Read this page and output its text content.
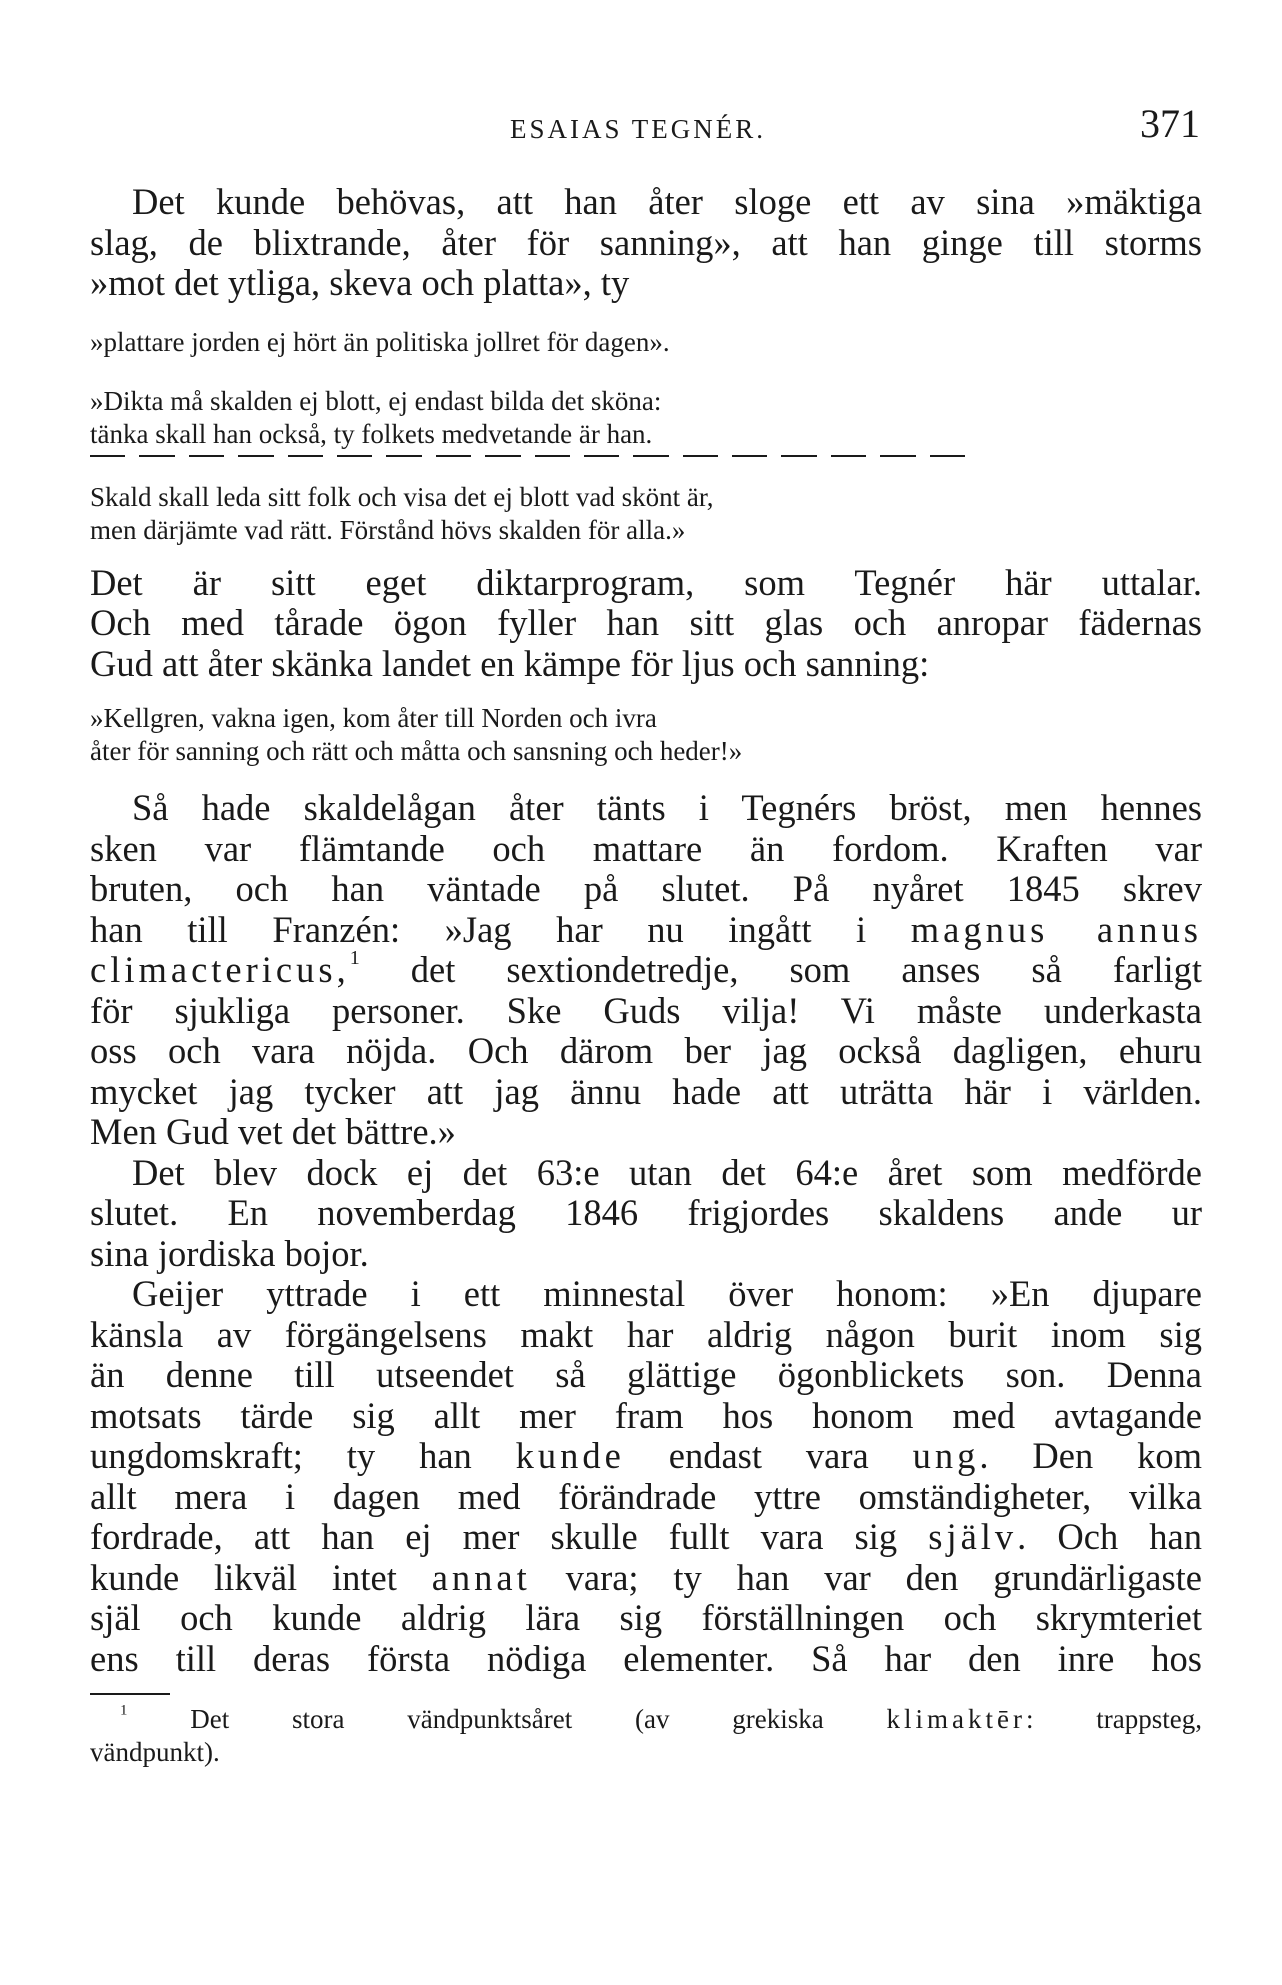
ESAIAS TEGNÉR.	371

Det kunde behövas, att han åter sloge ett av sina »mäktiga
slag, de blixtrande, åter för sanning», att han ginge till storms
»mot det ytliga, skeva och platta», ty

»plattare jorden ej hört än politiska jollret för dagen».

»Dikta må skalden ej blott, ej endast bilda det sköna:
tänka skall han också, ty folkets medvetande är han.

Skald skall leda sitt folk och visa det ej blott vad skönt är,
men därjämte vad rätt. Förstånd hövs skalden för alla.»

Det är sitt eget diktarprogram, som Tegnér här uttalar.
Och med tårade ögon fyller han sitt glas och anropar fädernas
Gud att åter skänka landet en kämpe för ljus och sanning:

»Kellgren, vakna igen, kom åter till Norden och ivra
åter för sanning och rätt och måtta och sansning och heder!»

Så hade skaldelågan åter tänts i Tegnérs bröst, men hennes
sken var flämtande och mattare än fordom. Kraften var
bruten, och han väntade på slutet. På nyåret 1845 skrev
han till Franzén: »Jag har nu ingått i magnus annus
climactericus,$^1$ det sextiondetredje, som anses så farligt
för sjukliga personer. Ske Guds vilja! Vi måste underkasta
oss och vara nöjda. Och därom ber jag också dagligen, ehuru
mycket jag tycker att jag ännu hade att uträtta här i världen.
Men Gud vet det bättre.»

Det blev dock ej det 63:e utan det 64:e året som medförde
slutet. En novemberdag 1846 frigjordes skaldens ande ur
sina jordiska bojor.

Geijer yttrade i ett minnestal över honom: »En djupare
känsla av förgängelsens makt har aldrig någon burit inom sig
än denne till utseendet så glättige ögonblickets son. Denna
motsats tärde sig allt mer fram hos honom med avtagande
ungdomskraft; ty han kunde endast vara ung. Den kom
allt mera i dagen med förändrade yttre omständigheter, vilka
fordrade, att han ej mer skulle fullt vara sig själv. Och han
kunde likväl intet annat vara; ty han var den grundärligaste
själ och kunde aldrig lära sig förställningen och skrymteriet
ens till deras första nödiga elementer. Så har den inre hos

$^1$ Det stora vändpunktsåret (av grekiska klimaktēr: trappsteg,
vändpunkt).
